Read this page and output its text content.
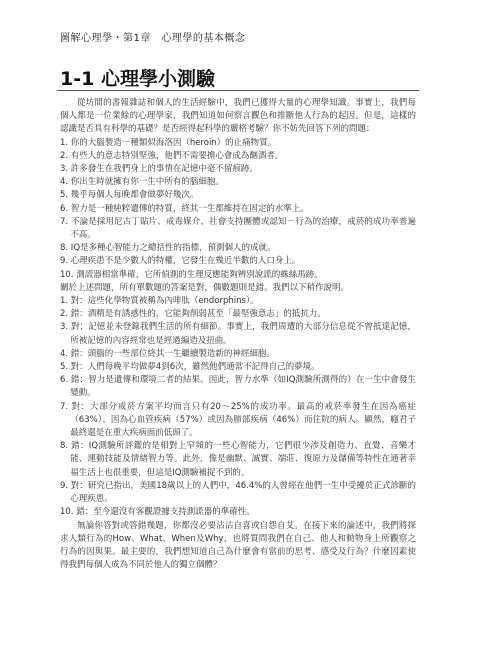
圖解心理學・第1章　心理學的基本概念
1-1 心理學小測驗

從坊間的書報雜誌和個人的生活經驗中，我們已獲得大量的心理學知識。事實上，我們每個人都是一位業餘的心理學家，我們知道如何察言觀色和推斷他人行為的起因。但是，這樣的認識是否具有科學的基礎？是否經得起科學的嚴格考驗？你不妨先回答下列的問題：

1. 你的大腦製造一種類似海洛因（heroin）的止痛物質。

2. 有些人的意志特別堅強，他們不需要擔心會成為酗酒者。

3. 許多發生在我們身上的事情在記憶中毫不留痕跡。

4. 你出生時就擁有你一生中所有的腦細胞。

5. 幾乎每個人每晚都會做夢好幾次。

6. 智力是一種純粹遺傳的特質，終其一生都維持在固定的水準上。

7. 不論是採用尼古丁貼片、戒毒媒介、社會支持團體或認知－行為的治療，戒菸的成功率普遍不高。

8. IQ是多種心智能力之總括性的指標，預測個人的成就。

9. 心理疾患不是少數人的特權，它發生在幾近半數的人口身上。

10. 測謊器相當準確，它所偵測的生理反應能夠辨別說謊的蛛絲馬跡。

關於上述問題，所有單數題的答案是對，偶數題則是錯。我們以下稍作說明。

1. 對：這些化學物質被稱為內啡肽（endorphins）。

2. 錯：酒精是有誘惑性的，它能夠削弱甚至「最堅強意志」的抵抗力。

3. 對：記憶並未登錄我們生活的所有細節。事實上，我們周遭的大部分信息從不曾抵達記憶，所被記憶的內容經常也是經過編造及扭曲。

4. 錯：頭腦的一些部位終其一生繼續製造新的神經細胞。

5. 對：人們每晚平均做夢4到6次，雖然他們通常不記得自己的夢境。

6. 錯：智力是遺傳和環境二者的結果。因此，智力水準（如IQ測驗所測得的）在一生中會發生變動。

7. 對：大部分戒菸方案平均而言只有20～25%的成功率。最高的戒菸率發生在因為癌症（63%）、因為心血管疾病（57%）或因為肺部疾病（46%）而住院的病人。顯然，癮君子最終還是在重大疾病面前低頭了。

8. 錯：IQ測驗所評鑑的是相對上窄頻的一些心智能力，它們很少涉及創造力、直覺、音樂才能、運動技能及情緒智力等。此外，像是幽默、誠實、端莊、復原力及儲備等特性在通著幸福生活上也很重要，但這是IQ測驗補捉不到的。

9. 對：研究已指出，美國18歲以上的人們中，46.4%的人曾經在他們一生中受擾於正式診斷的心理疾患。

10. 錯：至今還沒有客觀證據支持測謊器的準確性。

無論你答對或答錯幾題，你都沒必要沾沾自喜或自怨自艾。在接下來的論述中，我們將探求人類行為的How、What、When及Why，也將質問我們在自己、他人和動物身上所觀察之行為的因與果。最主要的，我們想知道自己為什麼會有當前的思考、感受及行為？什麼因素使得我們每個人成為不同於他人的獨立個體？
